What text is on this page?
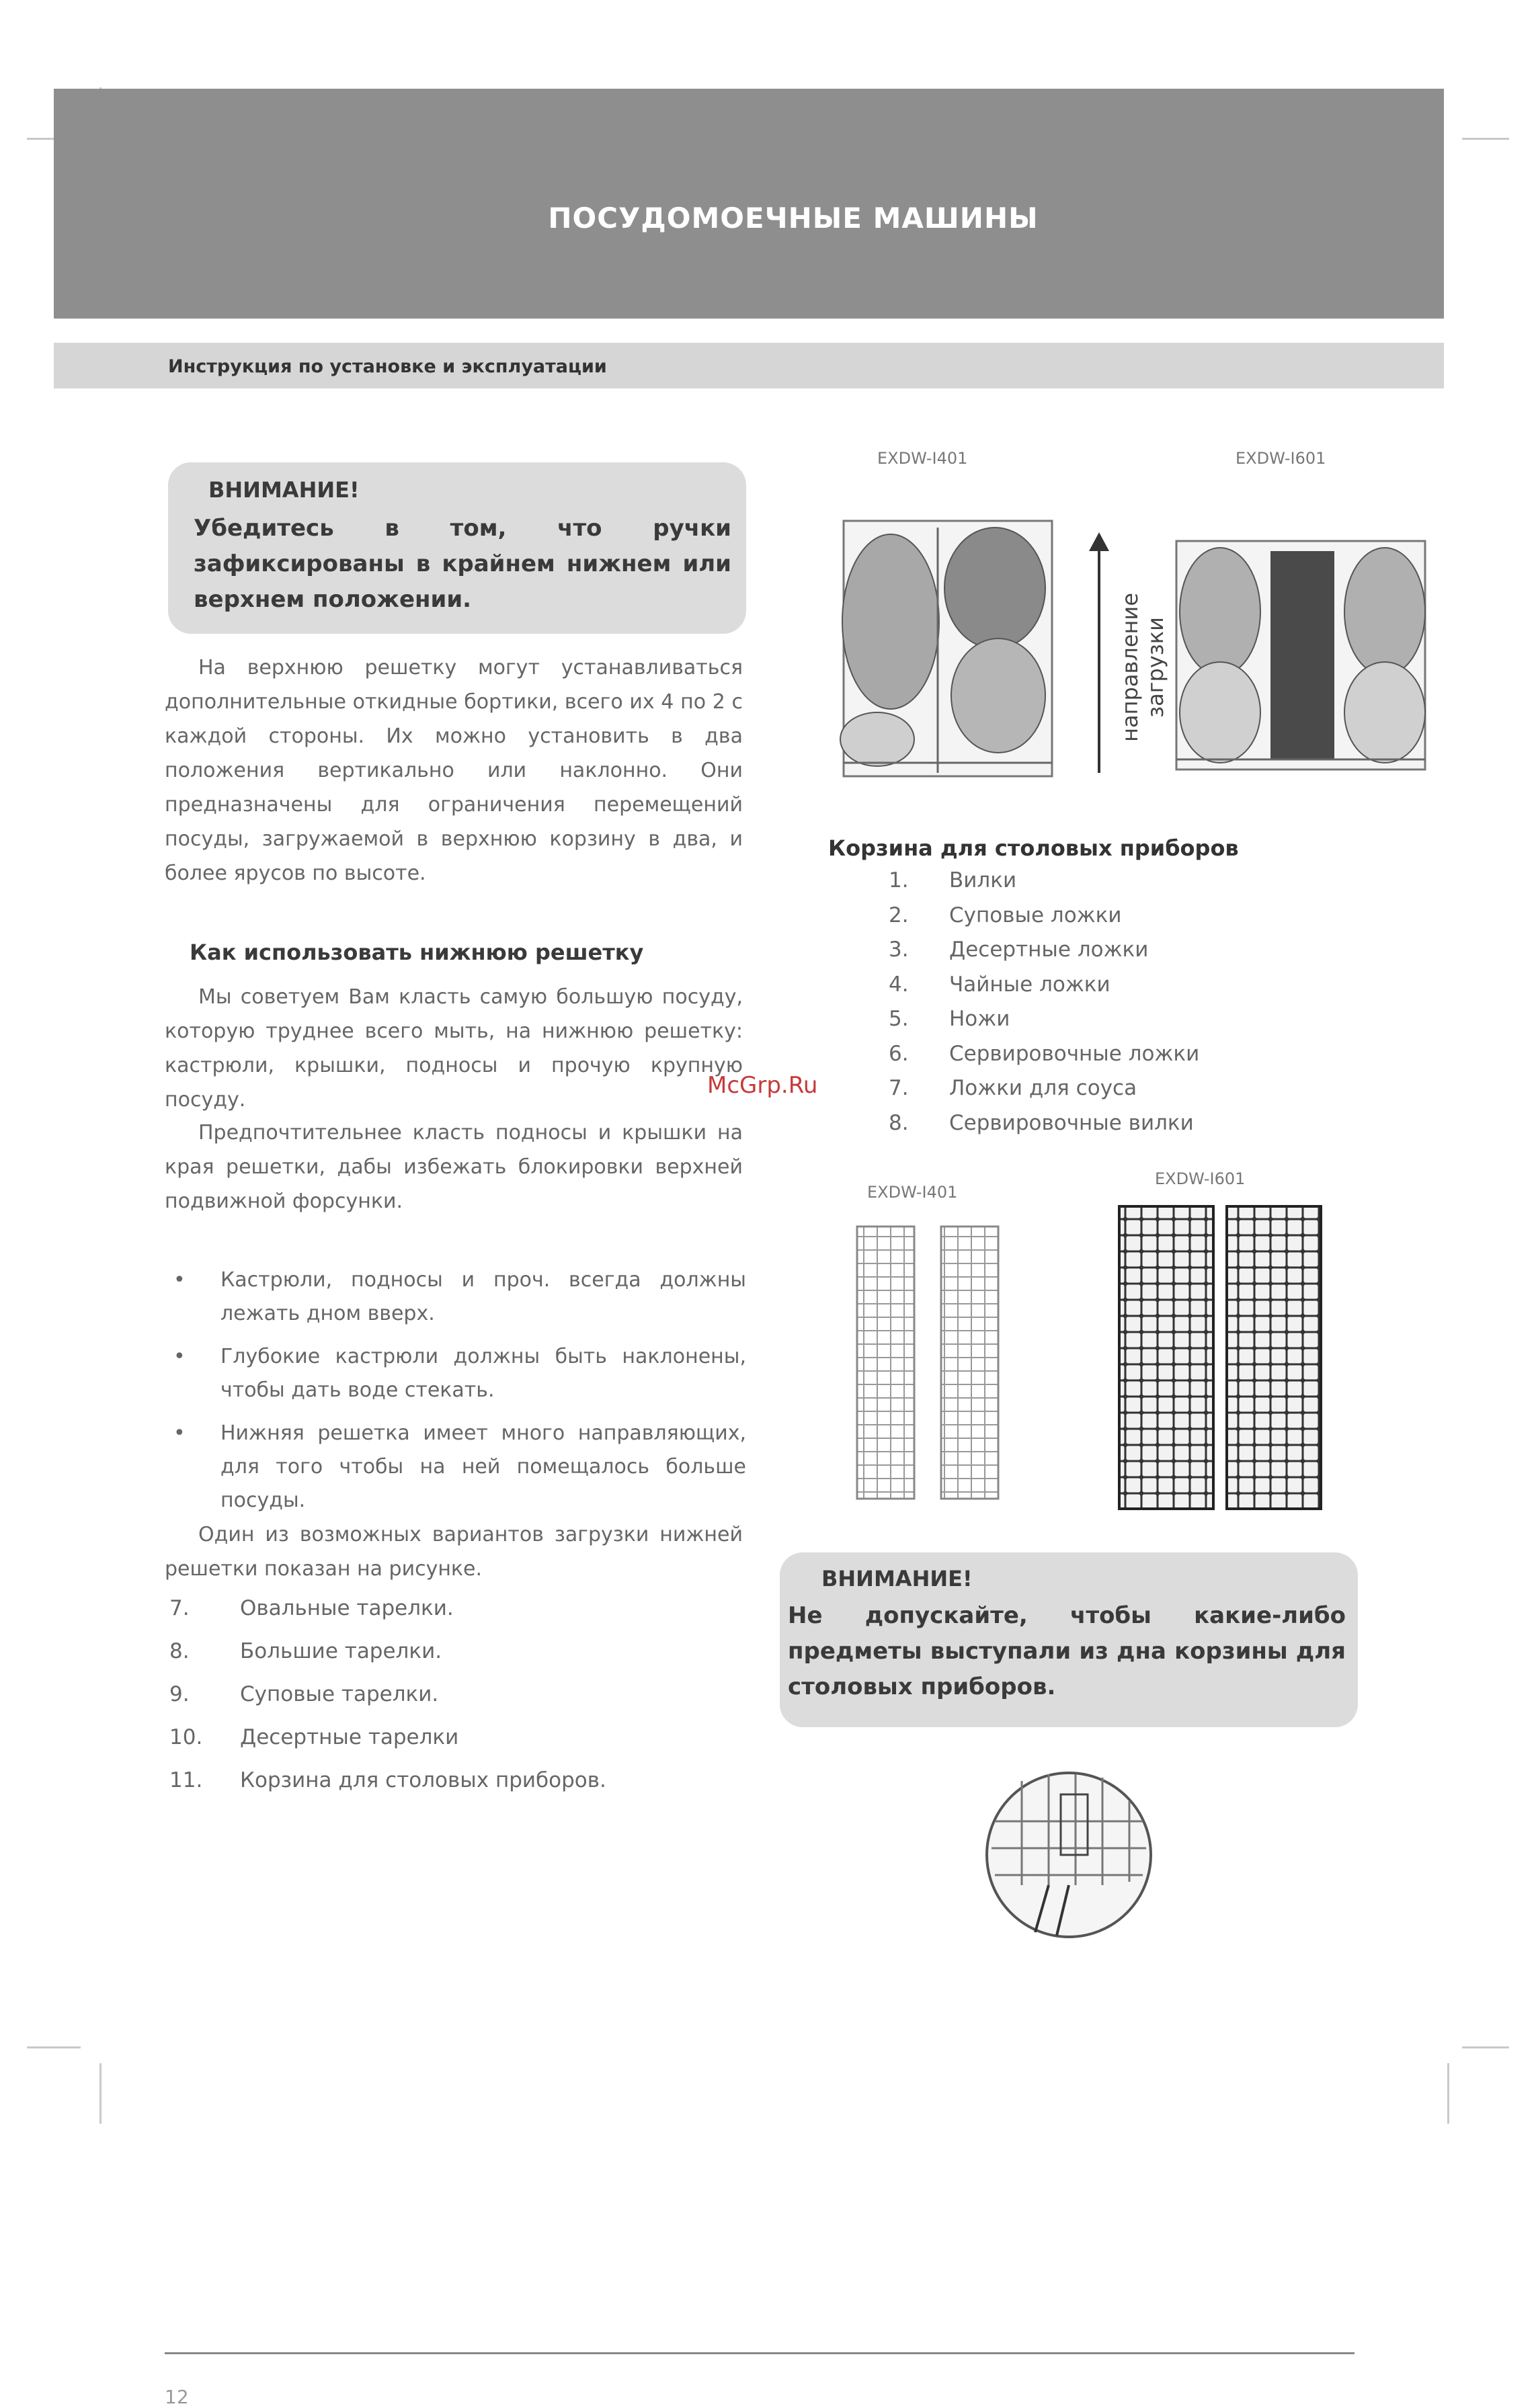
ПОСУДОМОЕЧНЫЕ МАШИНЫ
Инструкция по установке и эксплуатации
ВНИМАНИЕ!
Убедитесь в том, что ручки зафиксированы в крайнем нижнем или верхнем положении.
На верхнюю решетку могут устанавливаться дополнительные откидные бортики, всего их 4 по 2 с каждой стороны. Их можно установить в два положения вертикально или наклонно. Они предназначены для ограничения перемещений посуды, загружаемой в верхнюю корзину в два, и более ярусов по высоте.
Как использовать нижнюю решетку
Мы советуем Вам класть самую большую посуду, которую труднее всего мыть, на нижнюю решетку: кастрюли, крышки, подносы и прочую крупную посуду.
Предпочтительнее класть подносы и крышки на края решетки, дабы избежать блокировки верхней подвижной форсунки.
• Кастрюли, подносы и проч. всегда должны лежать дном вверх.
• Глубокие кастрюли должны быть наклонены, чтобы дать воде стекать.
• Нижняя решетка имеет много направляющих, для того чтобы на ней помещалось больше посуды.
Один из возможных вариантов загрузки нижней решетки показан на рисунке.
7. Овальные тарелки.
8. Большие тарелки.
9. Суповые тарелки.
10. Десертные тарелки
11. Корзина для столовых приборов.
EXDW-I401	EXDW-I601
направление загрузки
Корзина для столовых приборов
1. Вилки
2. Суповые ложки
3. Десертные ложки
4. Чайные ложки
5. Ножи
6. Сервировочные ложки
7. Ложки для соуса
8. Сервировочные вилки
McGrp.Ru
EXDW-I401
EXDW-I601
ВНИМАНИЕ!
Не допускайте, чтобы какие-либо предметы выступали из дна корзины для столовых приборов.
12
